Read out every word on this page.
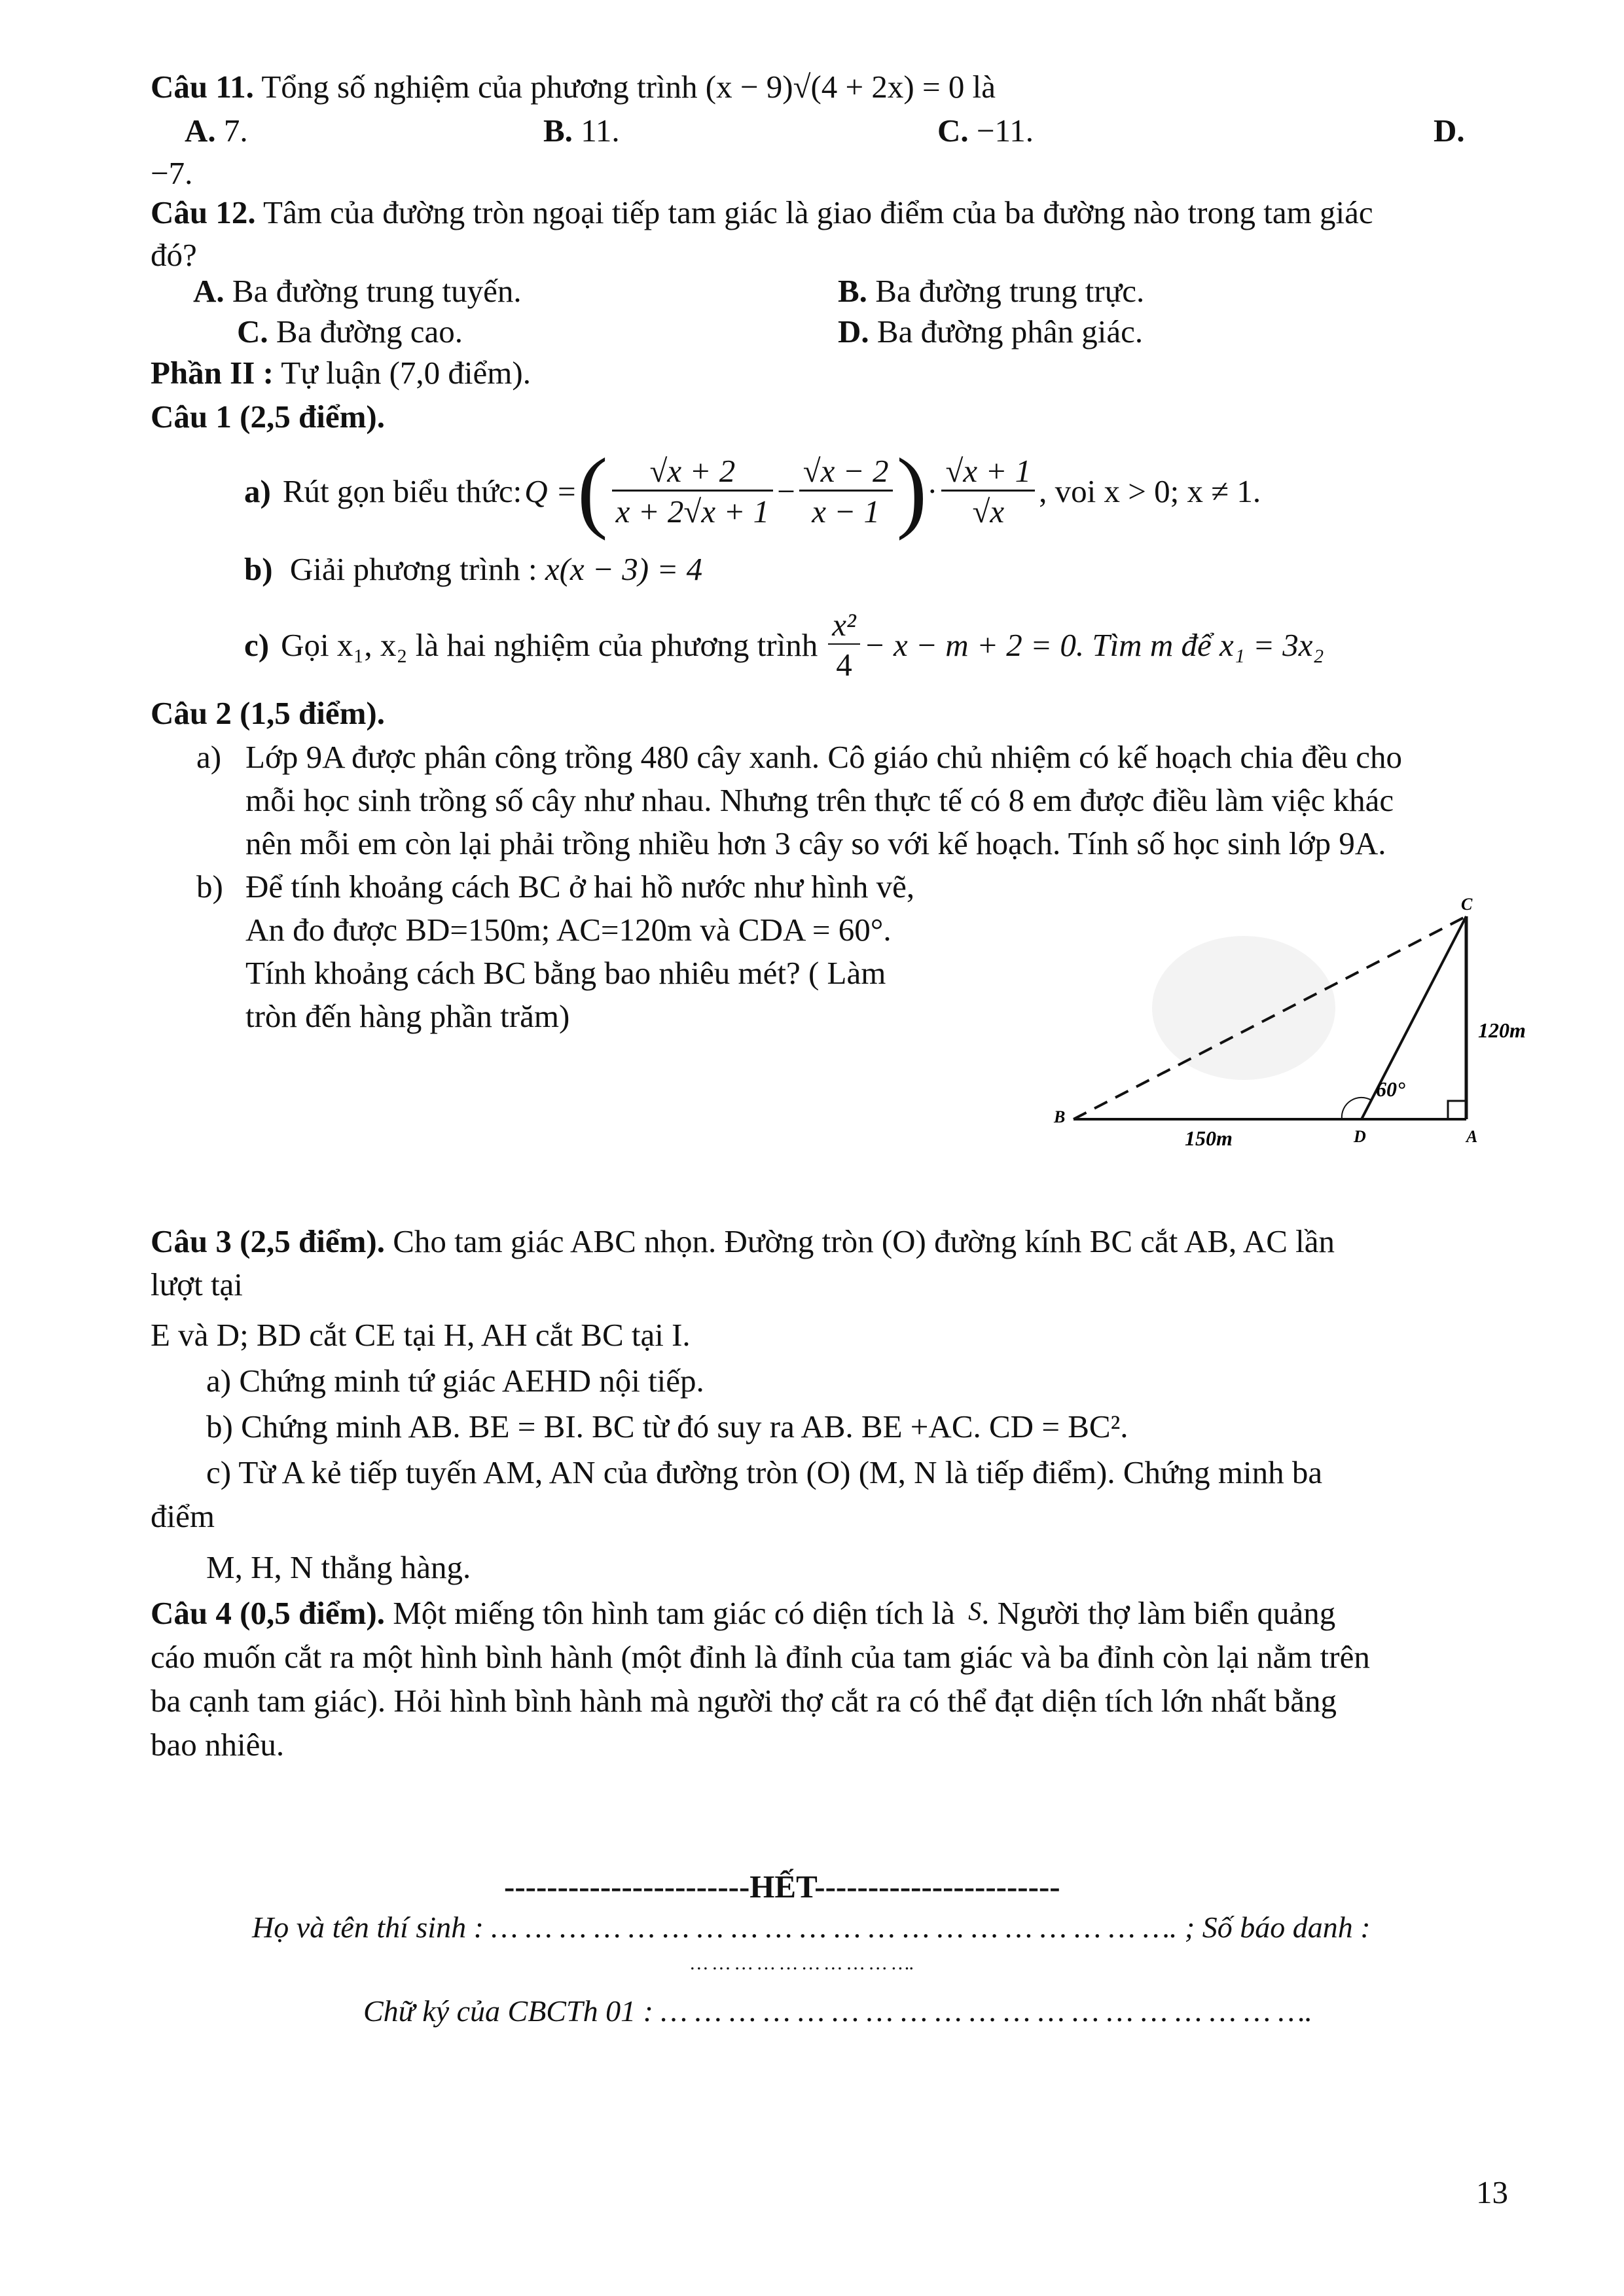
Câu 11. Tổng số nghiệm của phương trình (x − 9)√(4 + 2x) = 0 là
A. 7.	B. 11.	C. −11.	D.
−7.
Câu 12. Tâm của đường tròn ngoại tiếp tam giác là giao điểm của ba đường nào trong tam giác
đó?
A. Ba đường trung tuyến.	B. Ba đường trung trực.
C. Ba đường cao.	D. Ba đường phân giác.
Phần II : Tự luận (7,0 điểm).
Câu 1 (2,5 điểm).
a) Rút gọn biểu thức: Q = ( $\frac{√x + 2}{x + 2√x + 1} - \frac{√x - 2}{x - 1}$ ) · $\frac{√x + 1}{√x}$ , voi x > 0; x ≠ 1.
b) Giải phương trình : x(x − 3) = 4
c) Gọi x₁, x₂ là hai nghiệm của phương trình $\frac{\text{x²}}{4} - x - m + 2 = 0$. Tìm m để x₁ = 3x₂
Câu 2 (1,5 điểm).
a) Lớp 9A được phân công trồng 480 cây xanh. Cô giáo chủ nhiệm có kế hoạch chia đều cho
mỗi học sinh trồng số cây như nhau. Nhưng trên thực tế có 8 em được điều làm việc khác
nên mỗi em còn lại phải trồng nhiều hơn 3 cây so với kế hoạch. Tính số học sinh lớp 9A.
b) Để tính khoảng cách BC ở hai hồ nước như hình vẽ,
An đo được BD=150m; AC=120m và CDA = 60°.
Tính khoảng cách BC bằng bao nhiêu mét? ( Làm
tròn đến hàng phần trăm)
B
C
D	A
150m
120m
60°
Câu 3 (2,5 điểm). Cho tam giác ABC nhọn. Đường tròn (O) đường kính BC cắt AB, AC lần
lượt tại
E và D; BD cắt CE tại H, AH cắt BC tại I.
a) Chứng minh tứ giác AEHD nội tiếp.
b) Chứng minh AB. BE = BI. BC từ đó suy ra AB. BE +AC. CD = BC².
c) Từ A kẻ tiếp tuyến AM, AN của đường tròn (O) (M, N là tiếp điểm). Chứng minh ba
điểm
M, H, N thẳng hàng.
Câu 4 (0,5 điểm). Một miếng tôn hình tam giác có diện tích là S. Người thợ làm biển quảng
cáo muốn cắt ra một hình bình hành (một đỉnh là đỉnh của tam giác và ba đỉnh còn lại nằm trên
ba cạnh tam giác). Hỏi hình bình hành mà người thợ cắt ra có thể đạt diện tích lớn nhất bằng
bao nhiêu.
-----------------------HẾT-----------------------
Họ và tên thí sinh : … … … … … … … … … … … … … … … … … … … …. ; Số báo danh :
… … … … … … … … … ….
Chữ ký của CBCTh 01 : … … … … … … … … … … … … … … … … … … ….
13
